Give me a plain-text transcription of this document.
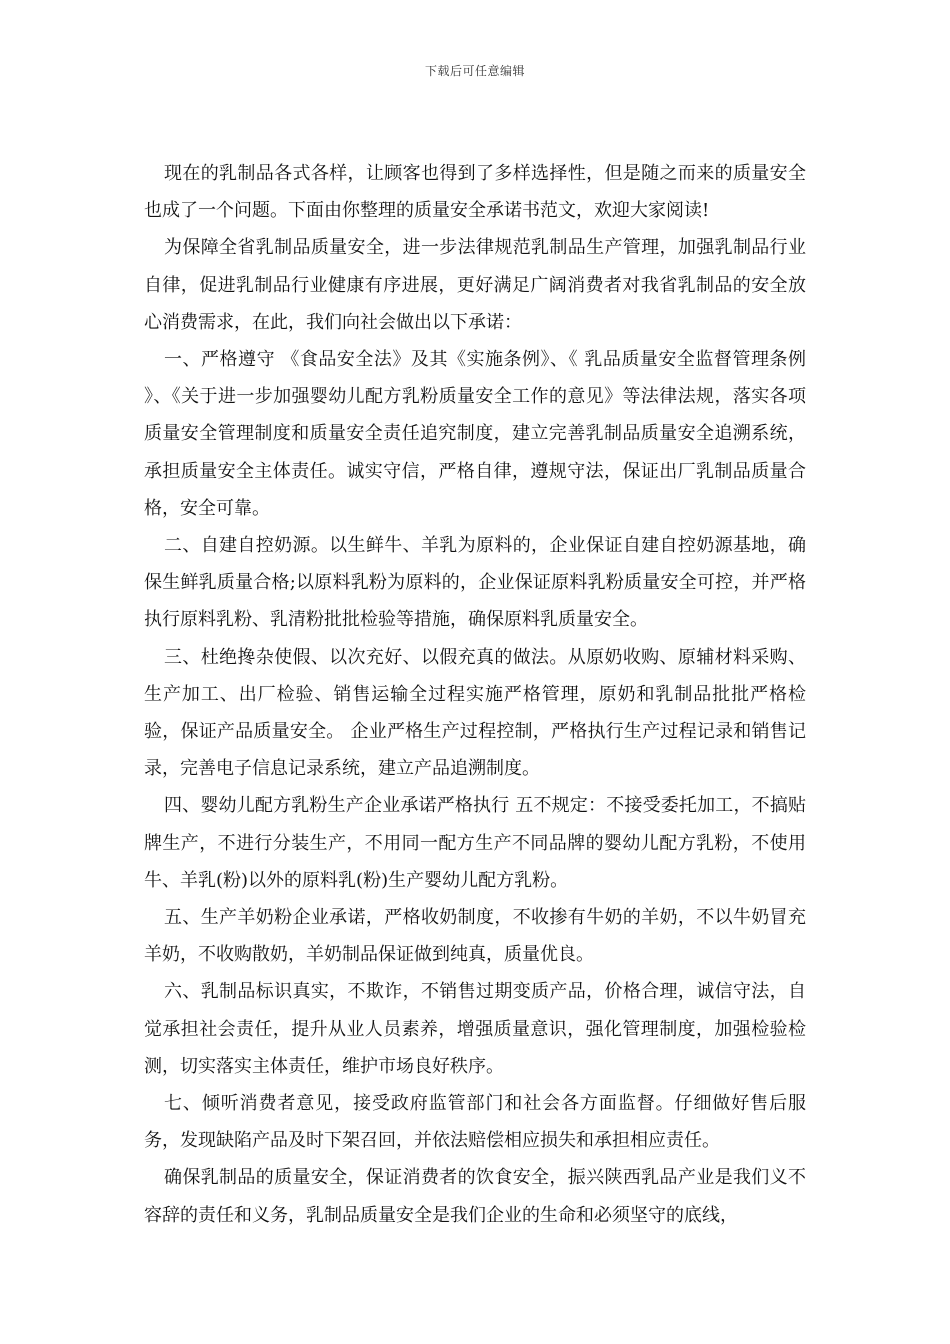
下载后可任意编辑

现在的乳制品各式各样，让顾客也得到了多样选择性，但是随之而来的质量安全也成了一个问题。下面由你整理的质量安全承诺书范文，欢迎大家阅读!

为保障全省乳制品质量安全，进一步法律规范乳制品生产管理，加强乳制品行业自律，促进乳制品行业健康有序进展，更好满足广阔消费者对我省乳制品的安全放心消费需求，在此，我们向社会做出以下承诺：

一、严格遵守 《食品安全法》及其《实施条例》、《 乳品质量安全监督管理条例 》、《关于进一步加强婴幼儿配方乳粉质量安全工作的意见》等法律法规，落实各项质量安全管理制度和质量安全责任追究制度，建立完善乳制品质量安全追溯系统，承担质量安全主体责任。诚实守信，严格自律，遵规守法，保证出厂乳制品质量合格，安全可靠。

二、自建自控奶源。以生鲜牛、羊乳为原料的，企业保证自建自控奶源基地，确保生鲜乳质量合格;以原料乳粉为原料的，企业保证原料乳粉质量安全可控，并严格执行原料乳粉、乳清粉批批检验等措施，确保原料乳质量安全。

三、杜绝搀杂使假、以次充好、以假充真的做法。从原奶收购、原辅材料采购、生产加工、出厂检验、销售运输全过程实施严格管理，原奶和乳制品批批严格检验，保证产品质量安全。 企业严格生产过程控制，严格执行生产过程记录和销售记录，完善电子信息记录系统，建立产品追溯制度。

四、婴幼儿配方乳粉生产企业承诺严格执行 五不规定：不接受委托加工，不搞贴牌生产，不进行分装生产，不用同一配方生产不同品牌的婴幼儿配方乳粉，不使用牛、羊乳(粉)以外的原料乳(粉)生产婴幼儿配方乳粉。

五、生产羊奶粉企业承诺，严格收奶制度，不收掺有牛奶的羊奶，不以牛奶冒充羊奶，不收购散奶，羊奶制品保证做到纯真，质量优良。

六、乳制品标识真实，不欺诈，不销售过期变质产品，价格合理，诚信守法，自觉承担社会责任，提升从业人员素养，增强质量意识，强化管理制度，加强检验检测，切实落实主体责任，维护市场良好秩序。

七、倾听消费者意见，接受政府监管部门和社会各方面监督。仔细做好售后服务，发现缺陷产品及时下架召回，并依法赔偿相应损失和承担相应责任。

确保乳制品的质量安全，保证消费者的饮食安全，振兴陕西乳品产业是我们义不容辞的责任和义务，乳制品质量安全是我们企业的生命和必须坚守的底线，
